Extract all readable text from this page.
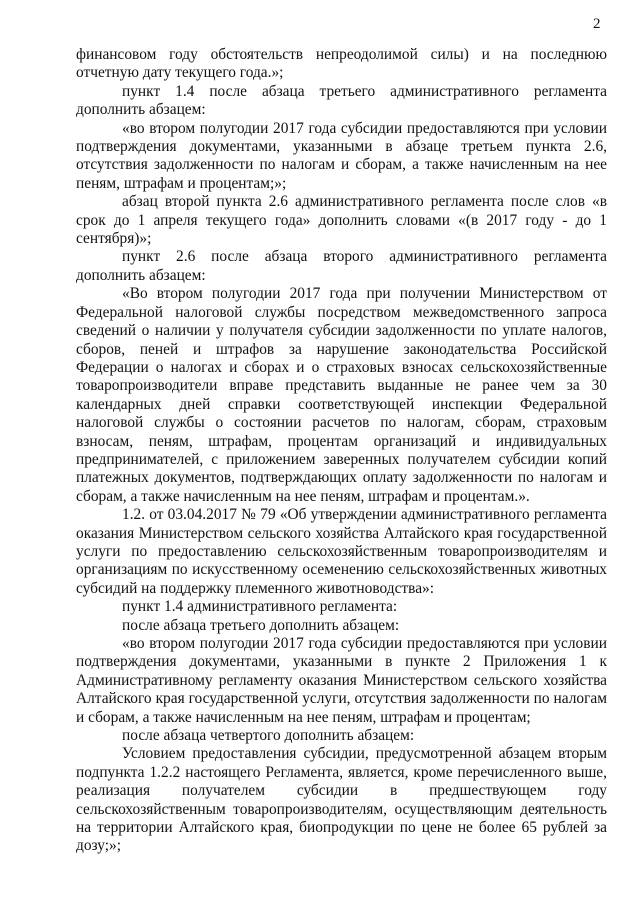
2

финансовом году обстоятельств непреодолимой силы) и на последнюю отчетную дату текущего года.»;

пункт 1.4 после абзаца третьего административного регламента дополнить абзацем:

«во втором полугодии 2017 года субсидии предоставляются при условии подтверждения документами, указанными в абзаце третьем пункта 2.6, отсутствия задолженности по налогам и сборам, а также начисленным на нее пеням, штрафам и процентам;»;

абзац второй пункта 2.6 административного регламента после слов «в срок до 1 апреля текущего года» дополнить словами «(в 2017 году - до 1 сентября)»;

пункт 2.6 после абзаца второго административного регламента дополнить абзацем:

«Во втором полугодии 2017 года при получении Министерством от Федеральной налоговой службы посредством межведомственного запроса сведений о наличии у получателя субсидии задолженности по уплате налогов, сборов, пеней и штрафов за нарушение законодательства Российской Федерации о налогах и сборах и о страховых взносах сельскохозяйственные товаропроизводители вправе представить выданные не ранее чем за 30 календарных дней справки соответствующей инспекции Федеральной налоговой службы о состоянии расчетов по налогам, сборам, страховым взносам, пеням, штрафам, процентам организаций и индивидуальных предпринимателей, с приложением заверенных получателем субсидии копий платежных документов, подтверждающих оплату задолженности по налогам и сборам, а также начисленным на нее пеням, штрафам и процентам.».

1.2. от 03.04.2017 № 79 «Об утверждении административного регламента оказания Министерством сельского хозяйства Алтайского края государственной услуги по предоставлению сельскохозяйственным товаропроизводителям и организациям по искусственному осеменению сельскохозяйственных животных субсидий на поддержку племенного животноводства»:

пункт 1.4 административного регламента:

после абзаца третьего дополнить абзацем:

«во втором полугодии 2017 года субсидии предоставляются при условии подтверждения документами, указанными в пункте 2 Приложения 1 к Административному регламенту оказания Министерством сельского хозяйства Алтайского края государственной услуги, отсутствия задолженности по налогам и сборам, а также начисленным на нее пеням, штрафам и процентам;

после абзаца четвертого дополнить абзацем:

Условием предоставления субсидии, предусмотренной абзацем вторым подпункта 1.2.2 настоящего Регламента, является, кроме перечисленного выше, реализация получателем субсидии в предшествующем году сельскохозяйственным товаропроизводителям, осуществляющим деятельность на территории Алтайского края, биопродукции по цене не более 65 рублей за дозу;»;
